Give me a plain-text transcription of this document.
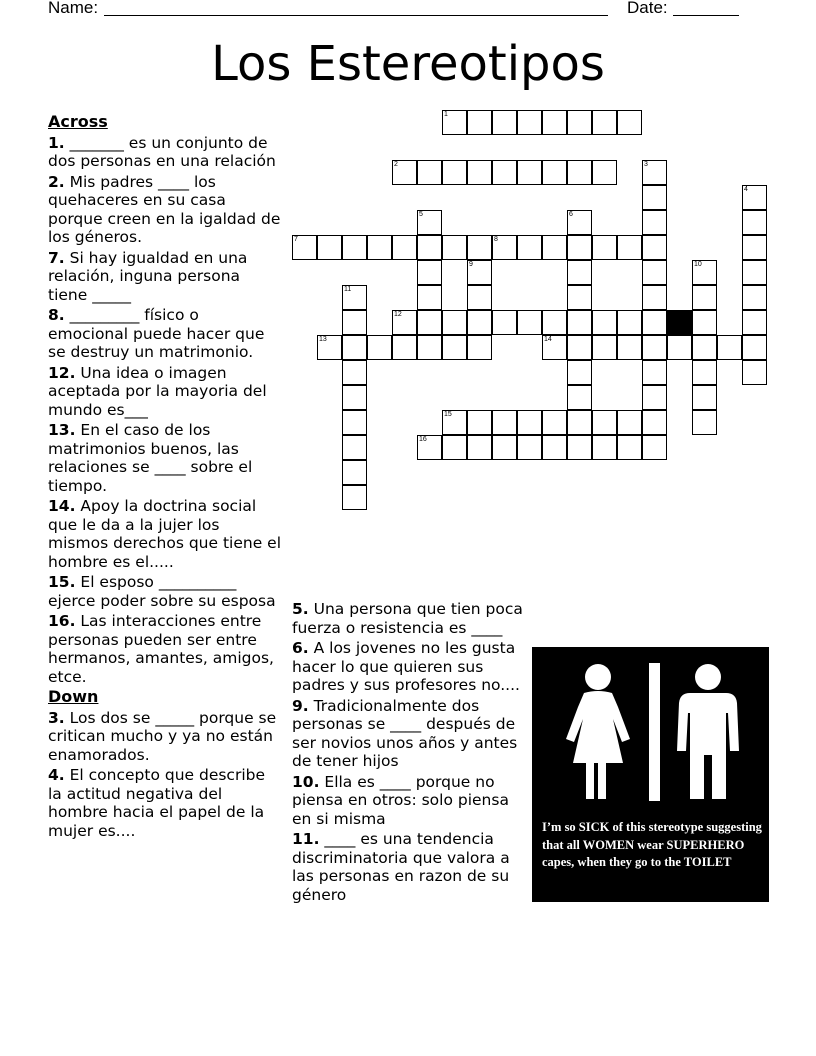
Name:	Date:
Los Estereotipos
1
2	3
4
5	6
7	8
9	10
11
12
13	14
15
16
Across
1. _______ es un conjunto de dos personas en una relación
2. Mis padres ____ los quehaceres en su casa porque creen en la igaldad de los géneros.
7. Si hay igualdad en una relación, inguna persona tiene _____
8. _________ físico o emocional puede hacer que se destruy un matrimonio.
12. Una idea o imagen aceptada por la mayoria del mundo es___
13. En el caso de los matrimonios buenos, las relaciones se ____ sobre el tiempo.
14. Apoy la doctrina social que le da a la jujer los mismos derechos que tiene el hombre es el.....
15. El esposo __________ ejerce poder sobre su esposa
16. Las interacciones entre personas pueden ser entre hermanos, amantes, amigos, etce.
Down
3. Los dos se _____ porque se critican mucho y ya no están enamorados.
4. El concepto que describe la actitud negativa del hombre hacia el papel de la mujer es....
5. Una persona que tien poca fuerza o resistencia es ____
6. A los jovenes no les gusta hacer lo que quieren sus padres y sus profesores no....
9. Tradicionalmente dos personas se ____ después de ser novios unos años y antes de tener hijos
10. Ella es ____ porque no piensa en otros: solo piensa en si misma
11. ____ es una tendencia discriminatoria que valora a las personas en razon de su género
I’m so SICK of this stereotype suggesting that all WOMEN wear SUPERHERO capes, when they go to the TOILET
